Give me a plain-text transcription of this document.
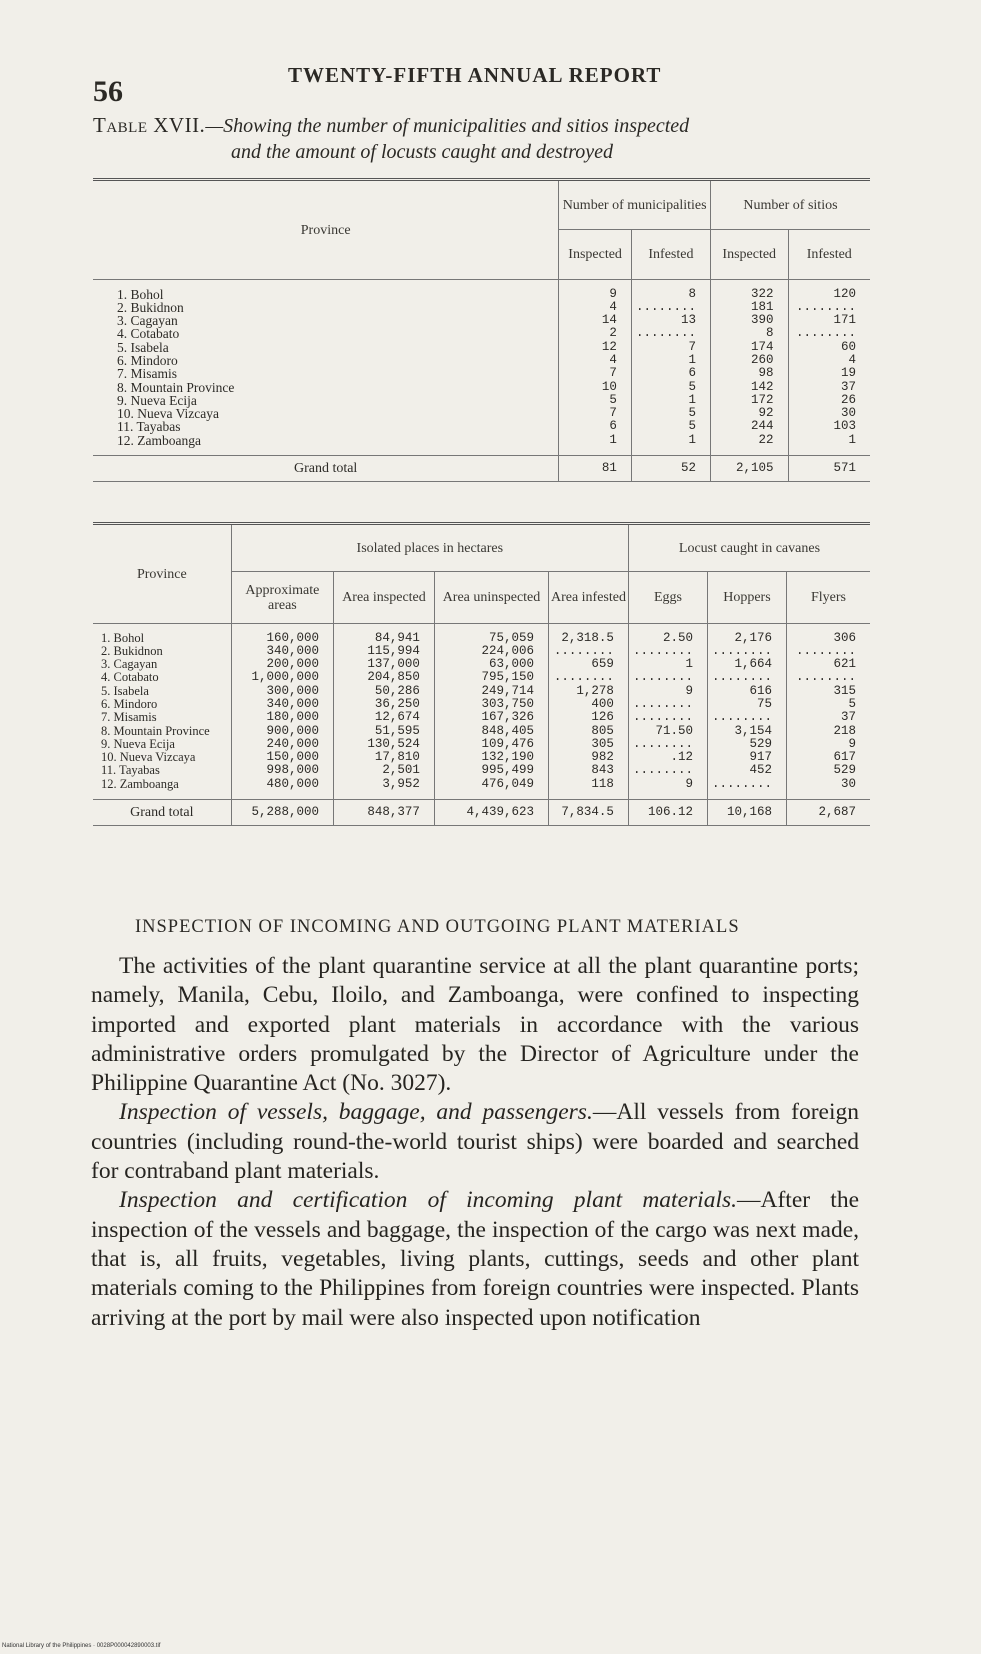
56	TWENTY-FIFTH ANNUAL REPORT
Table XVII.—Showing the number of municipalities and sitios inspected
and the amount of locusts caught and destroyed
Province	Number of municipalities		Number of sitios	
	Inspected	Infested	Inspected	Infested

1. Bohol	9	8	322	120
2. Bukidnon	4	........	181	........
3. Cagayan	14	13	390	171
4. Cotabato	2	........	8	........
5. Isabela	12	7	174	60
6. Mindoro	4	1	260	4
7. Misamis	7	6	98	19
8. Mountain Province	10	5	142	37
9. Nueva Ecija	5	1	172	26
10. Nueva Vizcaya	7	5	92	30
11. Tayabas	6	5	244	103
12. Zamboanga	1	1	22	1

Grand total	81	52	2,105	571
Province	Isolated places in hectares				Locust caught in cavanes		
	Approximate areas	Area inspected	Area uninspected	Area infested	Eggs	Hoppers	Flyers

1. Bohol	160,000	84,941	75,059	2,318.5	2.50	2,176	306
2. Bukidnon	340,000	115,994	224,006	........	........	........	........
3. Cagayan	200,000	137,000	63,000	659	1	1,664	621
4. Cotabato	1,000,000	204,850	795,150	........	........	........	........
5. Isabela	300,000	50,286	249,714	1,278	9	616	315
6. Mindoro	340,000	36,250	303,750	400	........	75	5
7. Misamis	180,000	12,674	167,326	126	........	........	37
8. Mountain Province	900,000	51,595	848,405	805	71.50	3,154	218
9. Nueva Ecija	240,000	130,524	109,476	305	........	529	9
10. Nueva Vizcaya	150,000	17,810	132,190	982	.12	917	617
11. Tayabas	998,000	2,501	995,499	843	........	452	529
12. Zamboanga	480,000	3,952	476,049	118	9	........	30

Grand total	5,288,000	848,377	4,439,623	7,834.5	106.12	10,168	2,687
INSPECTION OF INCOMING AND OUTGOING PLANT MATERIALS

The activities of the plant quarantine service at all the plant quarantine ports; namely, Manila, Cebu, Iloilo, and Zamboanga, were confined to inspecting imported and exported plant materials in accordance with the various administrative orders promulgated by the Director of Agriculture under the Philippine Quarantine Act (No. 3027).

Inspection of vessels, baggage, and passengers.—All vessels from foreign countries (including round-the-world tourist ships) were boarded and searched for contraband plant materials.

Inspection and certification of incoming plant materials.—After the inspection of the vessels and baggage, the inspection of the cargo was next made, that is, all fruits, vegetables, living plants, cuttings, seeds and other plant materials coming to the Philippines from foreign countries were inspected. Plants arriving at the port by mail were also inspected upon notification

National Library of the Philippines · 0028P000042890003.tif
